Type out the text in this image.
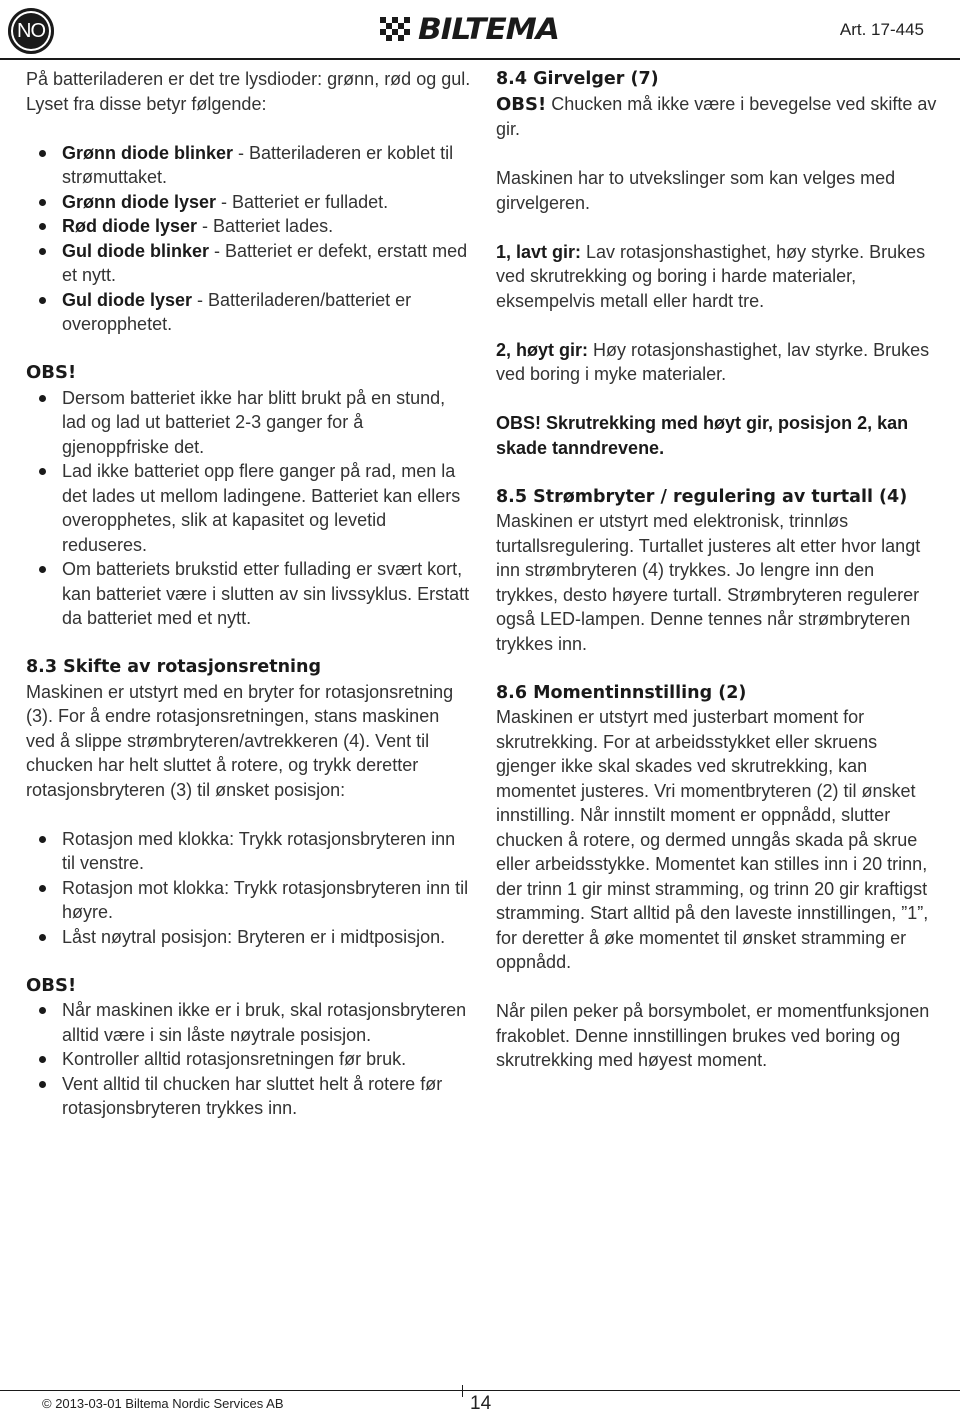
NO	BILTEMA	Art. 17-445

På batteriladeren er det tre lysdioder: grønn, rød og gul. Lyset fra disse betyr følgende:

Grønn diode blinker - Batteriladeren er koblet til strømuttaket.
Grønn diode lyser - Batteriet er fulladet.
Rød diode lyser - Batteriet lades.
Gul diode blinker - Batteriet er defekt, erstatt med et nytt.
Gul diode lyser - Batteriladeren/batteriet er overopphetet.

OBS!

Dersom batteriet ikke har blitt brukt på en stund, lad og lad ut batteriet 2-3 ganger for å gjenoppfriske det.
Lad ikke batteriet opp flere ganger på rad, men la det lades ut mellom ladingene. Batteriet kan ellers overopphetes, slik at kapasitet og levetid reduseres.
Om batteriets brukstid etter fullading er svært kort, kan batteriet være i slutten av sin livssyklus. Erstatt da batteriet med et nytt.

8.3 Skifte av rotasjonsretning

Maskinen er utstyrt med en bryter for rotasjonsretning (3). For å endre rotasjonsretningen, stans maskinen ved å slippe strømbryteren/avtrekkeren (4). Vent til chucken har helt sluttet å rotere, og trykk deretter rotasjonsbryteren (3) til ønsket posisjon:

Rotasjon med klokka: Trykk rotasjonsbryteren inn til venstre.
Rotasjon mot klokka: Trykk rotasjonsbryteren inn til høyre.
Låst nøytral posisjon: Bryteren er i midtposisjon.

OBS!

Når maskinen ikke er i bruk, skal rotasjonsbryteren alltid være i sin låste nøytrale posisjon.
Kontroller alltid rotasjonsretningen før bruk.
Vent alltid til chucken har sluttet helt å rotere før rotasjonsbryteren trykkes inn.

8.4 Girvelger (7)

OBS! Chucken må ikke være i bevegelse ved skifte av gir.

Maskinen har to utvekslinger som kan velges med girvelgeren.

1, lavt gir: Lav rotasjonshastighet, høy styrke. Brukes ved skrutrekking og boring i harde materialer, eksempelvis metall eller hardt tre.

2, høyt gir: Høy rotasjonshastighet, lav styrke. Brukes ved boring i myke materialer.

OBS! Skrutrekking med høyt gir, posisjon 2, kan skade tanndrevene.

8.5 Strømbryter / regulering av turtall (4)

Maskinen er utstyrt med elektronisk, trinnløs turtallsregulering. Turtallet justeres alt etter hvor langt inn strømbryteren (4) trykkes. Jo lengre inn den trykkes, desto høyere turtall. Strømbryteren regulerer også LED-lampen. Denne tennes når strømbryteren trykkes inn.

8.6 Momentinnstilling (2)

Maskinen er utstyrt med justerbart moment for skrutrekking. For at arbeidsstykket eller skruens gjenger ikke skal skades ved skrutrekking, kan momentet justeres. Vri momentbryteren (2) til ønsket innstilling. Når innstilt moment er oppnådd, slutter chucken å rotere, og dermed unngås skada på skrue eller arbeidsstykke. Momentet kan stilles inn i 20 trinn, der trinn 1 gir minst stramming, og trinn 20 gir kraftigst stramming. Start alltid på den laveste innstillingen, ”1”, for deretter å øke momentet til ønsket stramming er oppnådd.

Når pilen peker på borsymbolet, er momentfunksjonen frakoblet. Denne innstillingen brukes ved boring og skrutrekking med høyest moment.

© 2013-03-01 Biltema Nordic Services AB	14
